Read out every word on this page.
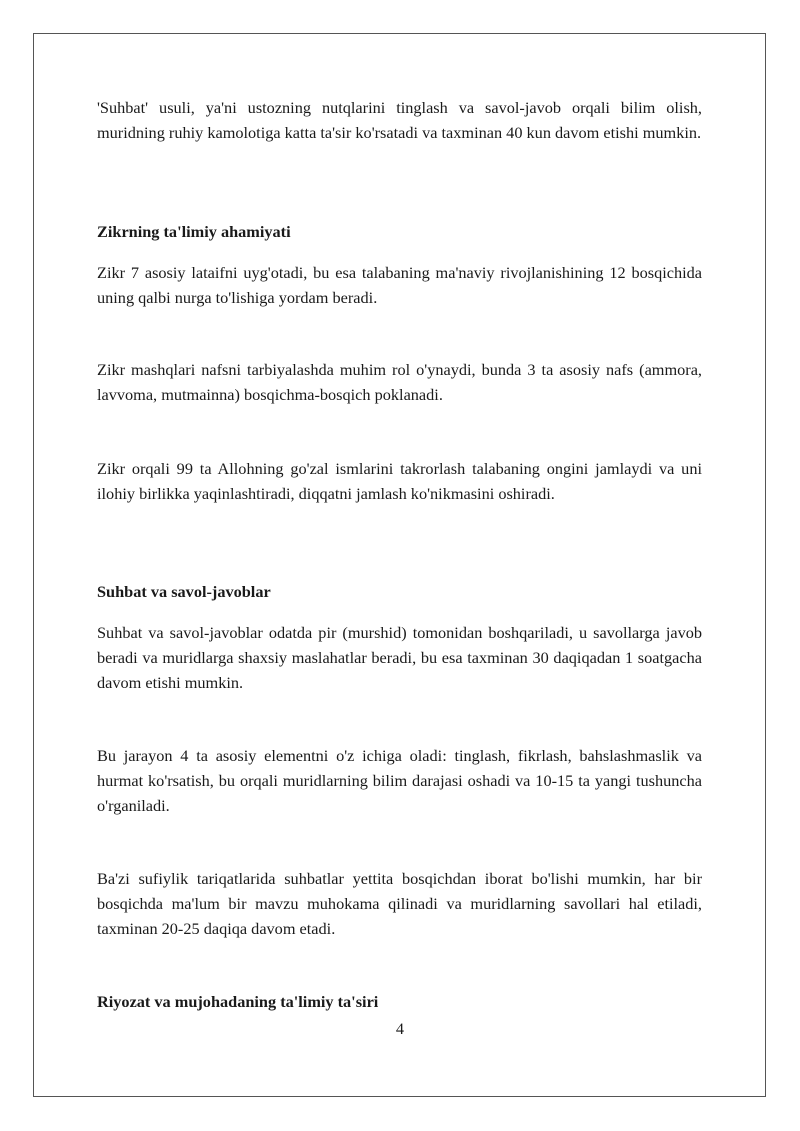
'Suhbat' usuli, ya'ni ustozning nutqlarini tinglash va savol-javob orqali bilim olish, muridning ruhiy kamolotiga katta ta'sir ko'rsatadi va taxminan 40 kun davom etishi mumkin.

Zikrning ta'limiy ahamiyati

Zikr 7 asosiy lataifni uyg'otadi, bu esa talabaning ma'naviy rivojlanishining 12 bosqichida uning qalbi nurga to'lishiga yordam beradi.

Zikr mashqlari nafsni tarbiyalashda muhim rol o'ynaydi, bunda 3 ta asosiy nafs (ammora, lavvoma, mutmainna) bosqichma-bosqich poklanadi.

Zikr orqali 99 ta Allohning go'zal ismlarini takrorlash talabaning ongini jamlaydi va uni ilohiy birlikka yaqinlashtiradi, diqqatni jamlash ko'nikmasini oshiradi.

Suhbat va savol-javoblar

Suhbat va savol-javoblar odatda pir (murshid) tomonidan boshqariladi, u savollarga javob beradi va muridlarga shaxsiy maslahatlar beradi, bu esa taxminan 30 daqiqadan 1 soatgacha davom etishi mumkin.

Bu jarayon 4 ta asosiy elementni o'z ichiga oladi: tinglash, fikrlash, bahslashmaslik va hurmat ko'rsatish, bu orqali muridlarning bilim darajasi oshadi va 10-15 ta yangi tushuncha o'rganiladi.

Ba'zi sufiylik tariqatlarida suhbatlar yettita bosqichdan iborat bo'lishi mumkin, har bir bosqichda ma'lum bir mavzu muhokama qilinadi va muridlarning savollari hal etiladi, taxminan 20-25 daqiqa davom etadi.

Riyozat va mujohadaning ta'limiy ta'siri
4
